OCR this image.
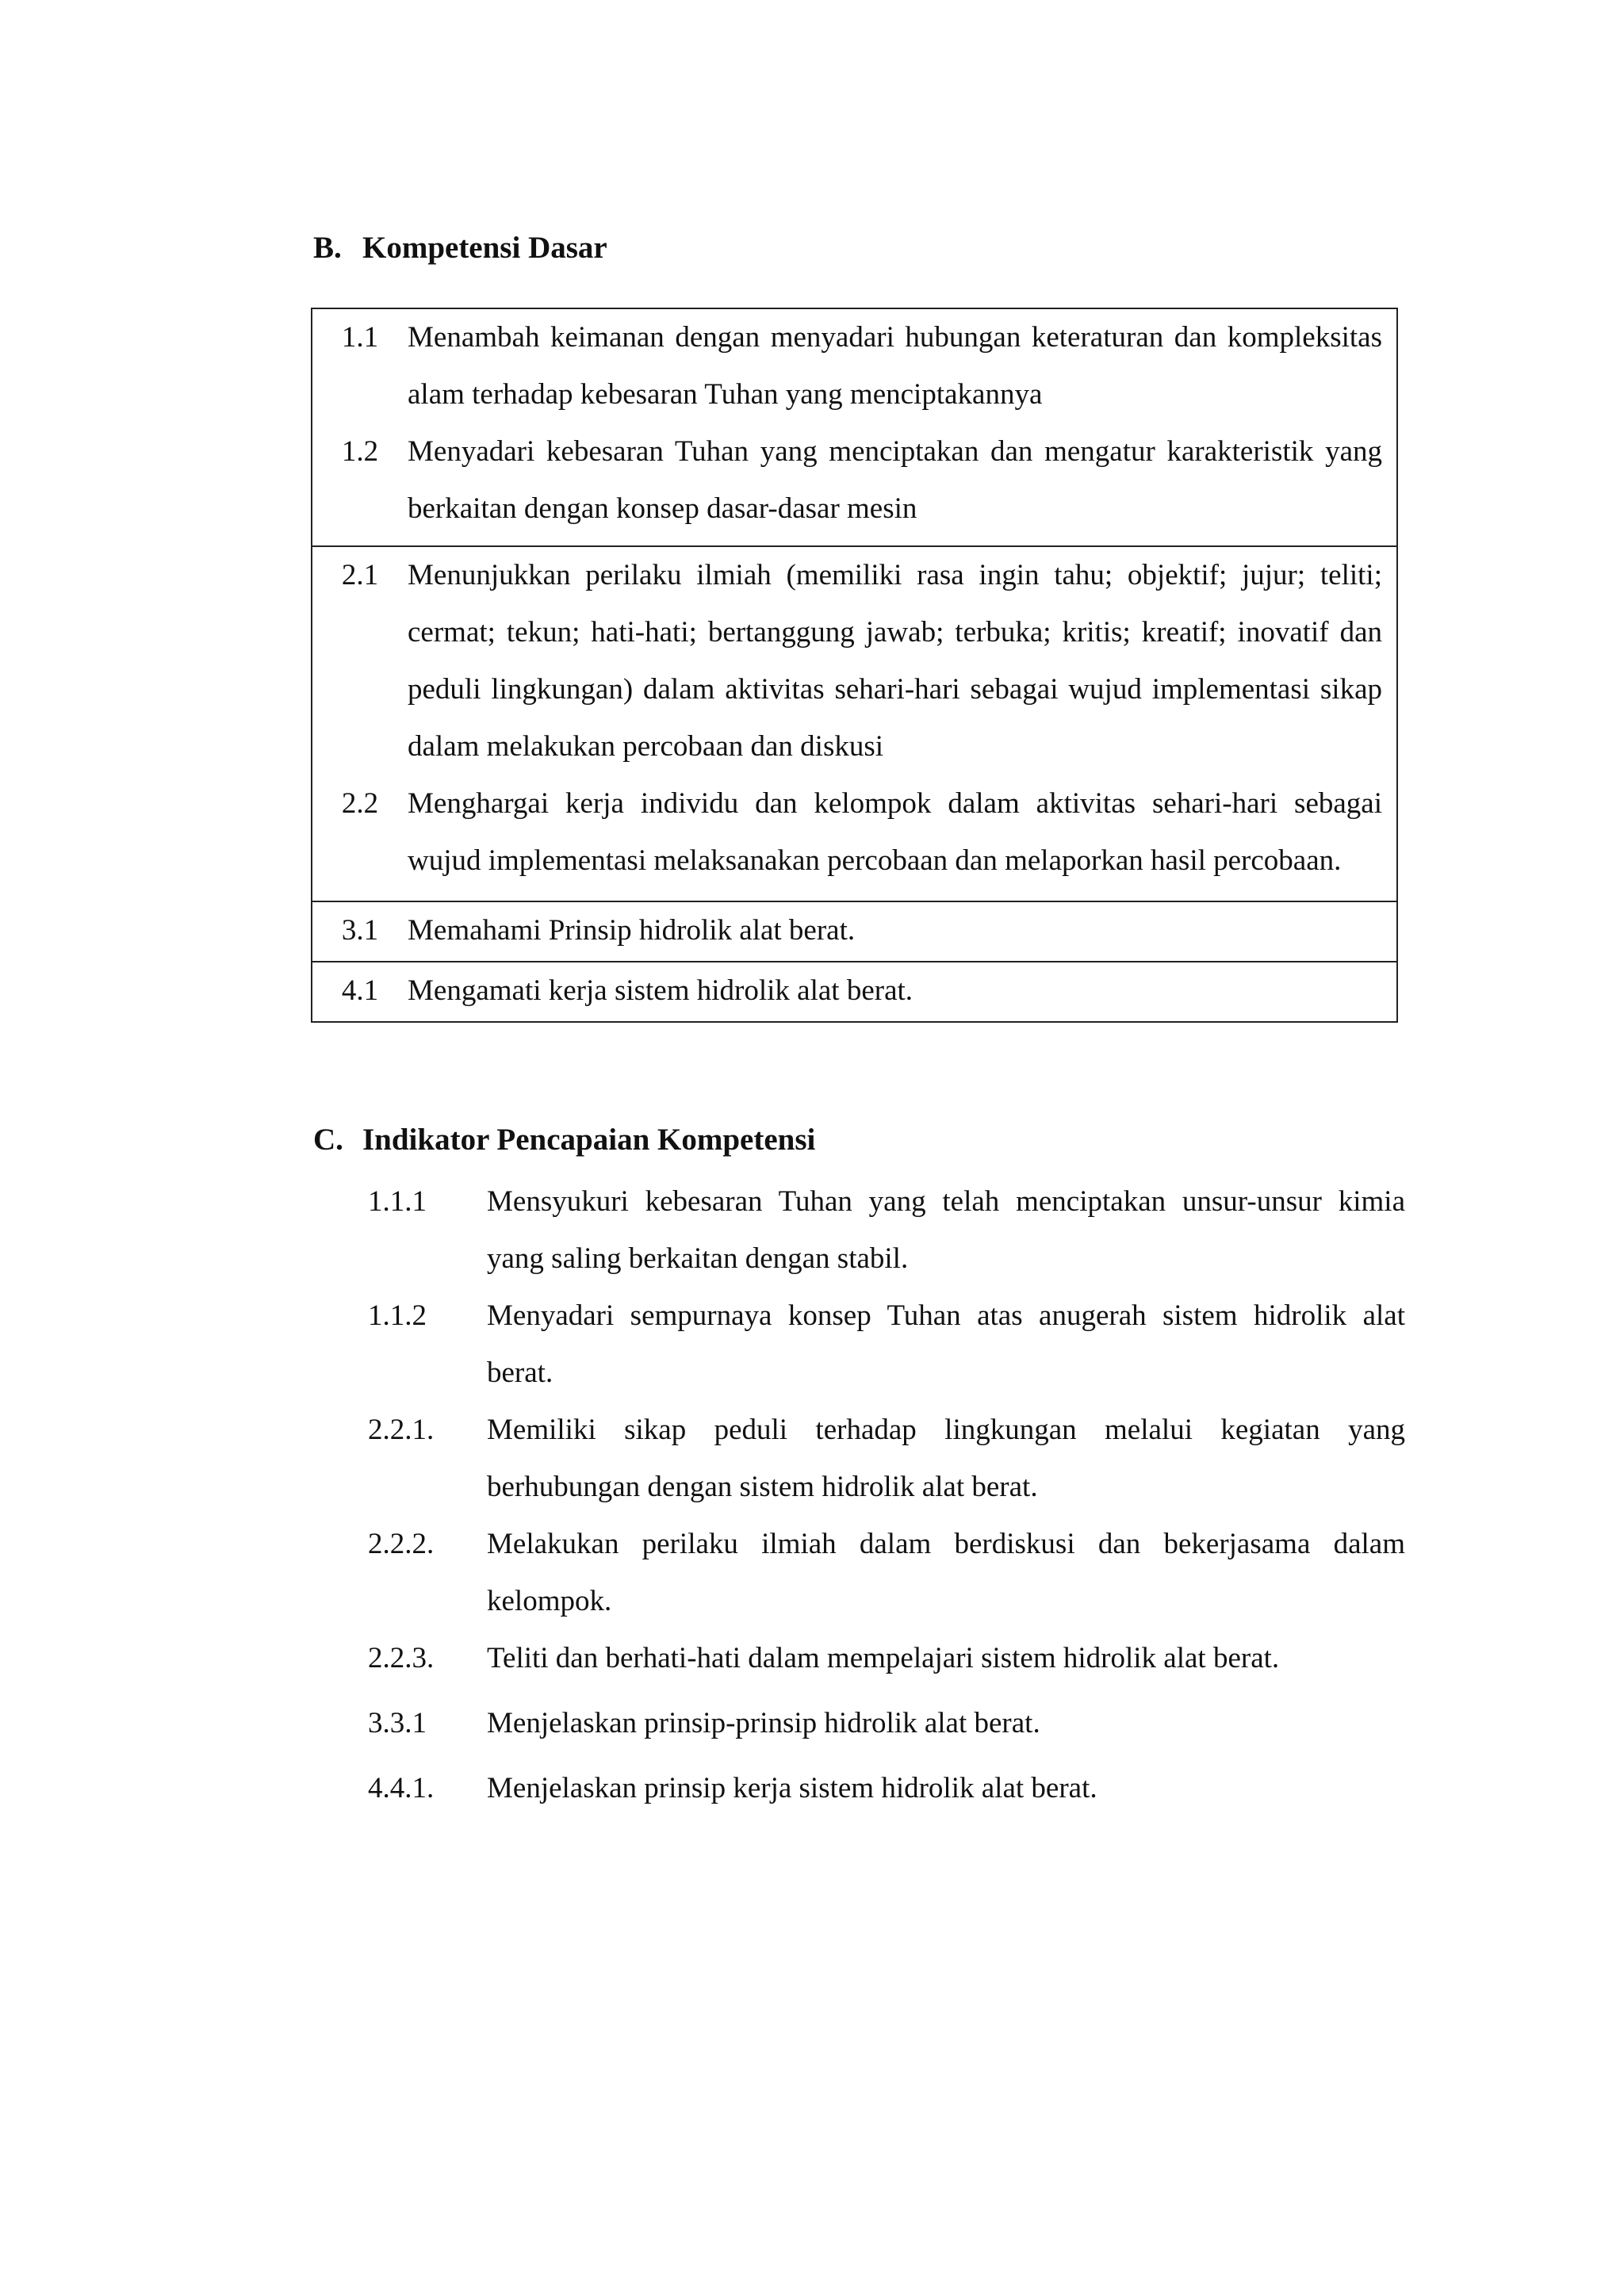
B. Kompetensi Dasar
1.1 Menambah keimanan dengan menyadari hubungan keteraturan dan kompleksitas alam terhadap kebesaran Tuhan yang menciptakannya
1.2 Menyadari kebesaran Tuhan yang menciptakan dan mengatur karakteristik yang berkaitan dengan konsep dasar-dasar mesin
2.1 Menunjukkan perilaku ilmiah (memiliki rasa ingin tahu; objektif; jujur; teliti; cermat; tekun; hati-hati; bertanggung jawab; terbuka; kritis; kreatif; inovatif dan peduli lingkungan) dalam aktivitas sehari-hari sebagai wujud implementasi sikap dalam melakukan percobaan dan diskusi
2.2 Menghargai kerja individu dan kelompok dalam aktivitas sehari-hari sebagai wujud implementasi melaksanakan percobaan dan melaporkan hasil percobaan.
3.1 Memahami Prinsip hidrolik alat berat.
4.1 Mengamati kerja sistem hidrolik alat berat.
C. Indikator Pencapaian Kompetensi
1.1.1	Mensyukuri kebesaran Tuhan yang telah menciptakan unsur-unsur kimia yang saling berkaitan dengan stabil.
1.1.2	Menyadari sempurnaya konsep Tuhan atas anugerah sistem hidrolik alat berat.
2.2.1.	Memiliki sikap peduli terhadap lingkungan melalui kegiatan yang berhubungan dengan sistem hidrolik alat berat.
2.2.2.	Melakukan perilaku ilmiah dalam berdiskusi dan bekerjasama dalam kelompok.
2.2.3.	Teliti dan berhati-hati dalam mempelajari sistem hidrolik alat berat.
3.3.1	Menjelaskan prinsip-prinsip hidrolik alat berat.
4.4.1.	Menjelaskan prinsip kerja sistem hidrolik alat berat.
